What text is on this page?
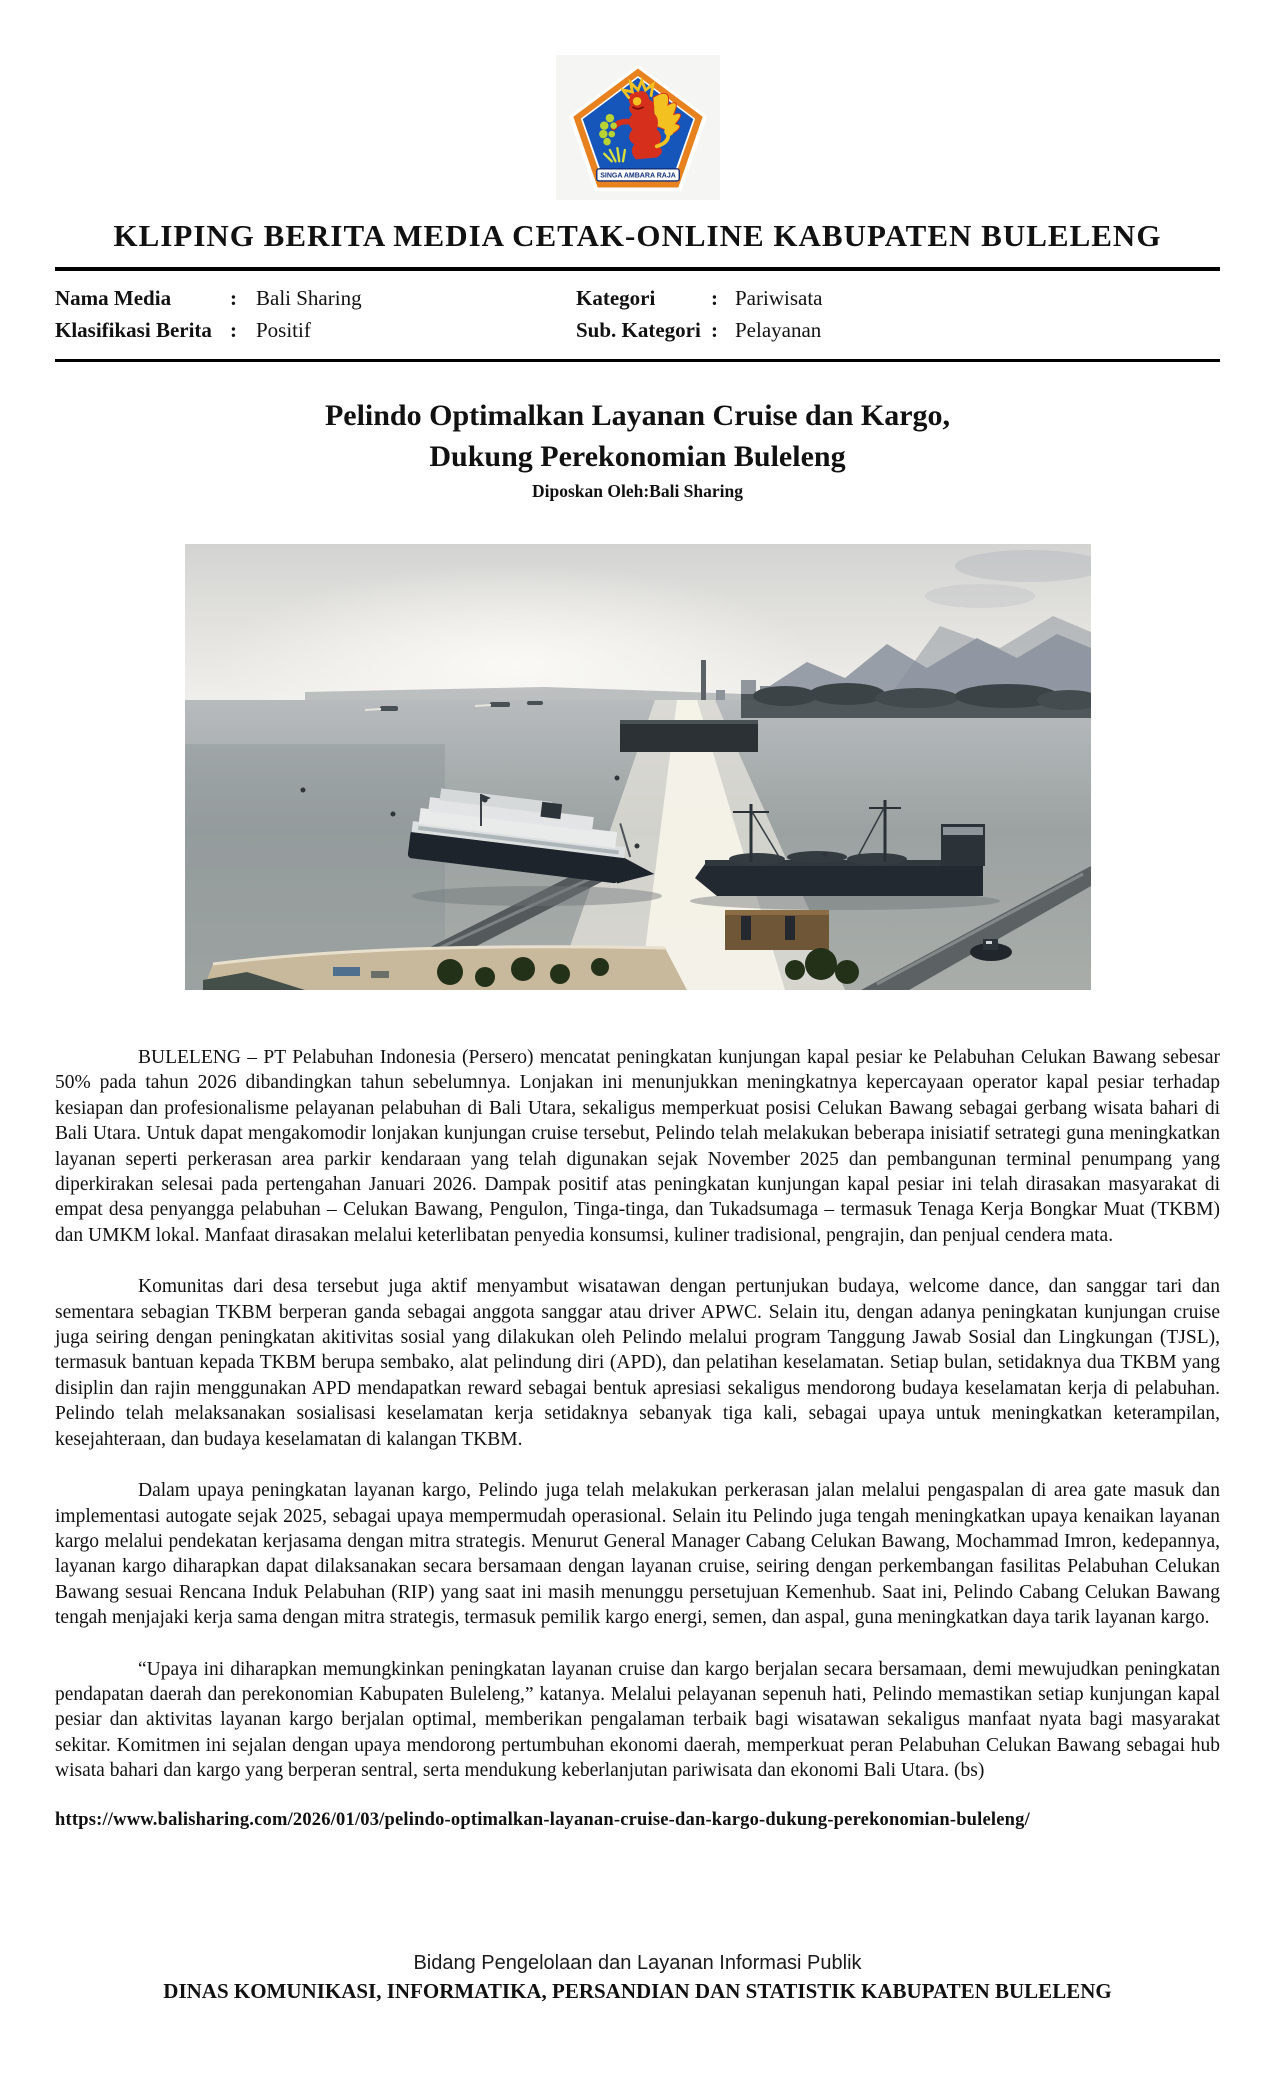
SINGA AMBARA RAJA
KLIPING BERITA MEDIA CETAK-ONLINE KABUPATEN BULELENG
Nama Media	: Bali Sharing	Kategori	: Pariwisata
Klasifikasi Berita : Positif	Sub. Kategori : Pelayanan
Pelindo Optimalkan Layanan Cruise dan Kargo,
Dukung Perekonomian Buleleng
Diposkan Oleh:Bali Sharing

BULELENG – PT Pelabuhan Indonesia (Persero) mencatat peningkatan kunjungan kapal pesiar ke Pelabuhan Celukan Bawang sebesar 50% pada tahun 2026 dibandingkan tahun sebelumnya. Lonjakan ini menunjukkan meningkatnya kepercayaan operator kapal pesiar terhadap kesiapan dan profesionalisme pelayanan pelabuhan di Bali Utara, sekaligus memperkuat posisi Celukan Bawang sebagai gerbang wisata bahari di Bali Utara. Untuk dapat mengakomodir lonjakan kunjungan cruise tersebut, Pelindo telah melakukan beberapa inisiatif setrategi guna meningkatkan layanan seperti perkerasan area parkir kendaraan yang telah digunakan sejak November 2025 dan pembangunan terminal penumpang yang diperkirakan selesai pada pertengahan Januari 2026. Dampak positif atas peningkatan kunjungan kapal pesiar ini telah dirasakan masyarakat di empat desa penyangga pelabuhan – Celukan Bawang, Pengulon, Tinga-tinga, dan Tukadsumaga – termasuk Tenaga Kerja Bongkar Muat (TKBM) dan UMKM lokal. Manfaat dirasakan melalui keterlibatan penyedia konsumsi, kuliner tradisional, pengrajin, dan penjual cendera mata.

Komunitas dari desa tersebut juga aktif menyambut wisatawan dengan pertunjukan budaya, welcome dance, dan sanggar tari dan sementara sebagian TKBM berperan ganda sebagai anggota sanggar atau driver APWC. Selain itu, dengan adanya peningkatan kunjungan cruise juga seiring dengan peningkatan akitivitas sosial yang dilakukan oleh Pelindo melalui program Tanggung Jawab Sosial dan Lingkungan (TJSL), termasuk bantuan kepada TKBM berupa sembako, alat pelindung diri (APD), dan pelatihan keselamatan. Setiap bulan, setidaknya dua TKBM yang disiplin dan rajin menggunakan APD mendapatkan reward sebagai bentuk apresiasi sekaligus mendorong budaya keselamatan kerja di pelabuhan. Pelindo telah melaksanakan sosialisasi keselamatan kerja setidaknya sebanyak tiga kali, sebagai upaya untuk meningkatkan keterampilan, kesejahteraan, dan budaya keselamatan di kalangan TKBM.

Dalam upaya peningkatan layanan kargo, Pelindo juga telah melakukan perkerasan jalan melalui pengaspalan di area gate masuk dan implementasi autogate sejak 2025, sebagai upaya mempermudah operasional. Selain itu Pelindo juga tengah meningkatkan upaya kenaikan layanan kargo melalui pendekatan kerjasama dengan mitra strategis. Menurut General Manager Cabang Celukan Bawang, Mochammad Imron, kedepannya, layanan kargo diharapkan dapat dilaksanakan secara bersamaan dengan layanan cruise, seiring dengan perkembangan fasilitas Pelabuhan Celukan Bawang sesuai Rencana Induk Pelabuhan (RIP) yang saat ini masih menunggu persetujuan Kemenhub. Saat ini, Pelindo Cabang Celukan Bawang tengah menjajaki kerja sama dengan mitra strategis, termasuk pemilik kargo energi, semen, dan aspal, guna meningkatkan daya tarik layanan kargo.

“Upaya ini diharapkan memungkinkan peningkatan layanan cruise dan kargo berjalan secara bersamaan, demi mewujudkan peningkatan pendapatan daerah dan perekonomian Kabupaten Buleleng,” katanya. Melalui pelayanan sepenuh hati, Pelindo memastikan setiap kunjungan kapal pesiar dan aktivitas layanan kargo berjalan optimal, memberikan pengalaman terbaik bagi wisatawan sekaligus manfaat nyata bagi masyarakat sekitar. Komitmen ini sejalan dengan upaya mendorong pertumbuhan ekonomi daerah, memperkuat peran Pelabuhan Celukan Bawang sebagai hub wisata bahari dan kargo yang berperan sentral, serta mendukung keberlanjutan pariwisata dan ekonomi Bali Utara. (bs)

https://www.balisharing.com/2026/01/03/pelindo-optimalkan-layanan-cruise-dan-kargo-dukung-perekonomian-buleleng/
Bidang Pengelolaan dan Layanan Informasi Publik
DINAS KOMUNIKASI, INFORMATIKA, PERSANDIAN DAN STATISTIK KABUPATEN BULELENG
